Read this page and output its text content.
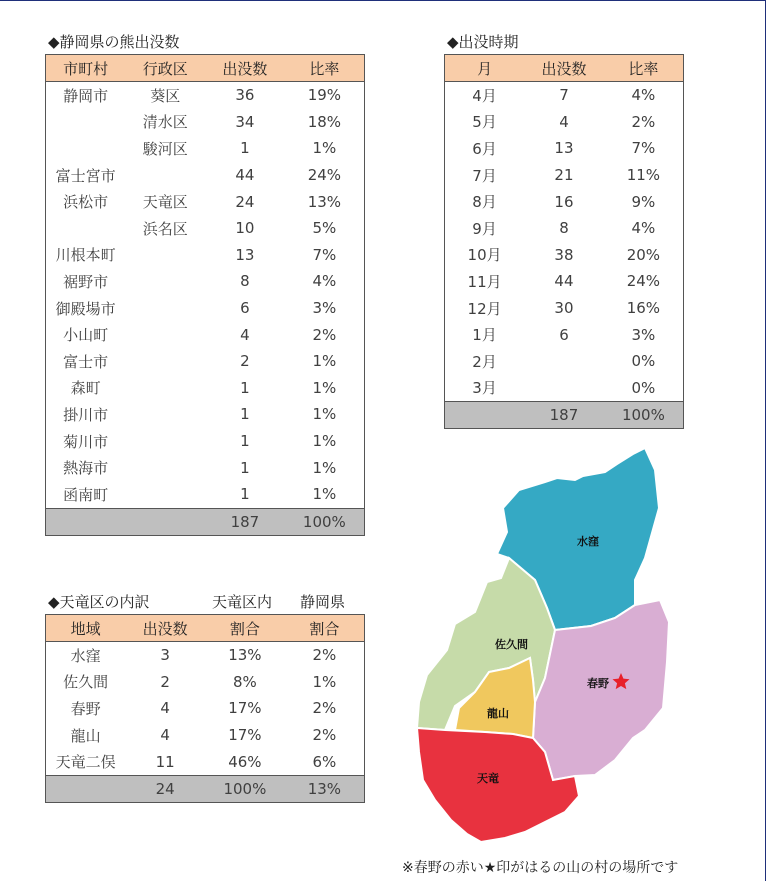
◆静岡県の熊出没数
市町村	行政区	出没数	比率
静岡市	葵区	36	19%
	清水区	34	18%
	駿河区	1	1%
富士宮市		44	24%
浜松市	天竜区	24	13%
	浜名区	10	5%
川根本町		13	7%
裾野市		8	4%
御殿場市		6	3%
小山町		4	2%
富士市		2	1%
森町		1	1%
掛川市		1	1%
菊川市		1	1%
熱海市		1	1%
函南町		1	1%
		187	100%
◆出没時期
月	出没数	比率
4月	7	4%
5月	4	2%
6月	13	7%
7月	21	11%
8月	16	9%
9月	8	4%
10月	38	20%
11月	44	24%
12月	30	16%
1月	6	3%
2月		0%
3月		0%
	187	100%
◆天竜区の内訳	天竜区内 静岡県
地域	出没数	割合	割合
水窪	3	13%	2%
佐久間	2	8%	1%
春野	4	17%	2%
龍山	4	17%	2%
天竜二俣	11	46%	6%
	24	100%	13%
水窪
佐久間
春野
龍山
天竜
※春野の赤い★印がはるの山の村の場所です
